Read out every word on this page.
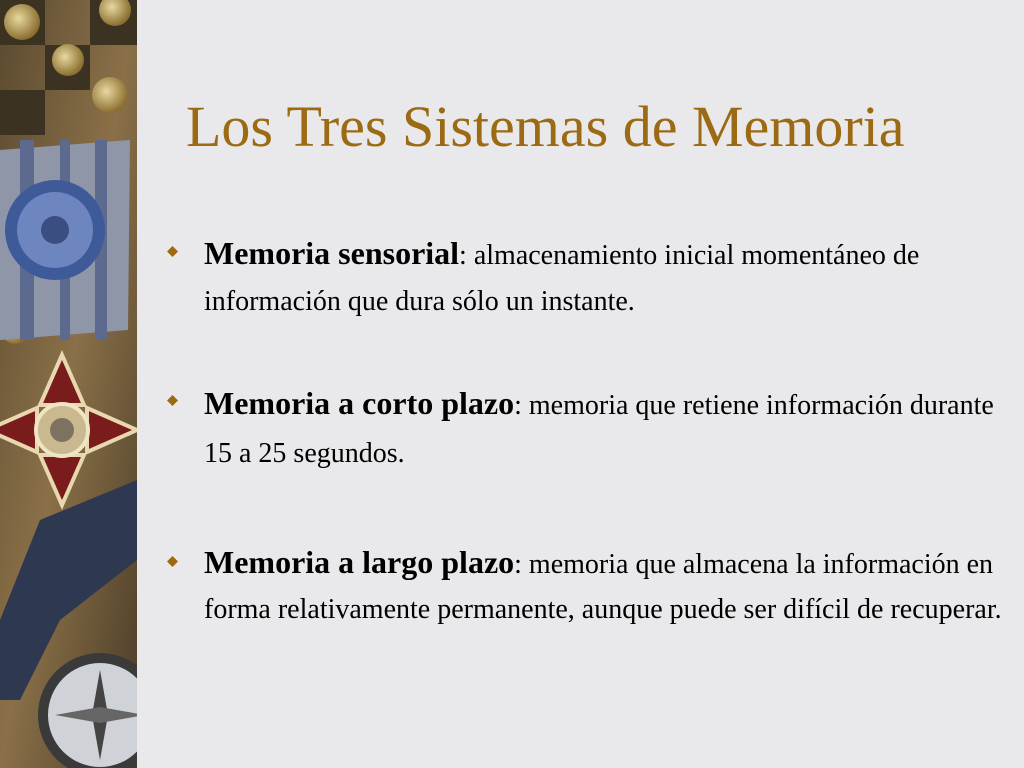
Los Tres Sistemas de Memoria
Memoria sensorial: almacenamiento inicial momentáneo de información que dura sólo un instante.
Memoria a corto plazo: memoria que retiene información durante 15 a 25 segundos.
Memoria a largo plazo: memoria que almacena la información en forma relativamente permanente, aunque puede ser difícil de recuperar.
